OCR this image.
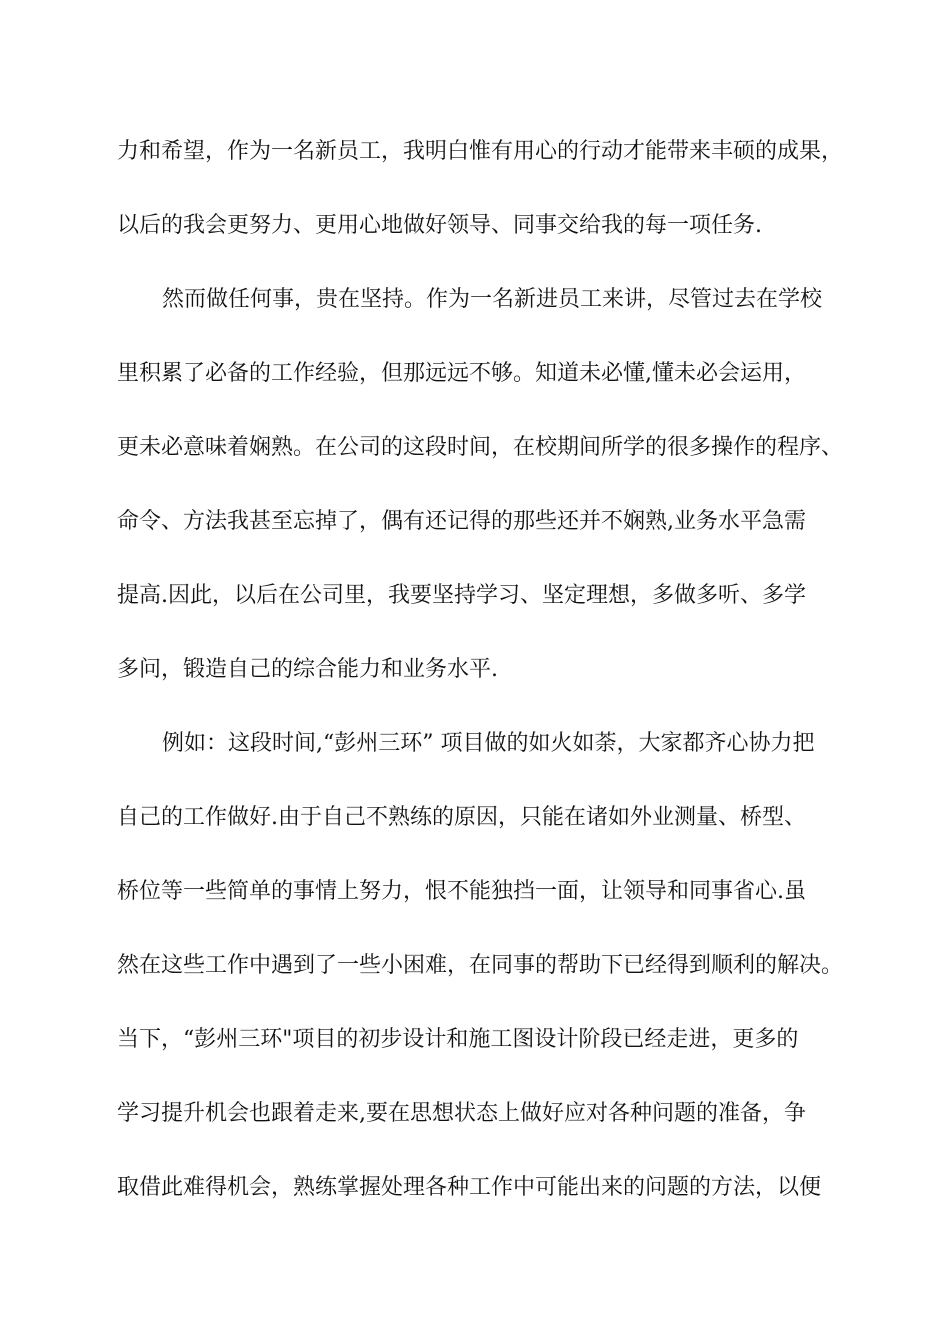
力和希望，作为一名新员工，我明白惟有用心的行动才能带来丰硕的成果，
以后的我会更努力、更用心地做好领导、同事交给我的每一项任务.
然而做任何事，贵在坚持。作为一名新进员工来讲，尽管过去在学校
里积累了必备的工作经验，但那远远不够。知道未必懂,懂未必会运用，
更未必意味着娴熟。在公司的这段时间，在校期间所学的很多操作的程序、
命令、方法我甚至忘掉了，偶有还记得的那些还并不娴熟,业务水平急需
提高.因此，以后在公司里，我要坚持学习、坚定理想，多做多听、多学
多问，锻造自己的综合能力和业务水平.
例如：这段时间,“彭州三环” 项目做的如火如荼，大家都齐心协力把
自己的工作做好.由于自己不熟练的原因，只能在诸如外业测量、桥型、
桥位等一些简单的事情上努力，恨不能独挡一面，让领导和同事省心.虽
然在这些工作中遇到了一些小困难，在同事的帮助下已经得到顺利的解决。
当下，“彭州三环"项目的初步设计和施工图设计阶段已经走进，更多的
学习提升机会也跟着走来,要在思想状态上做好应对各种问题的准备，争
取借此难得机会，熟练掌握处理各种工作中可能出来的问题的方法，以便
